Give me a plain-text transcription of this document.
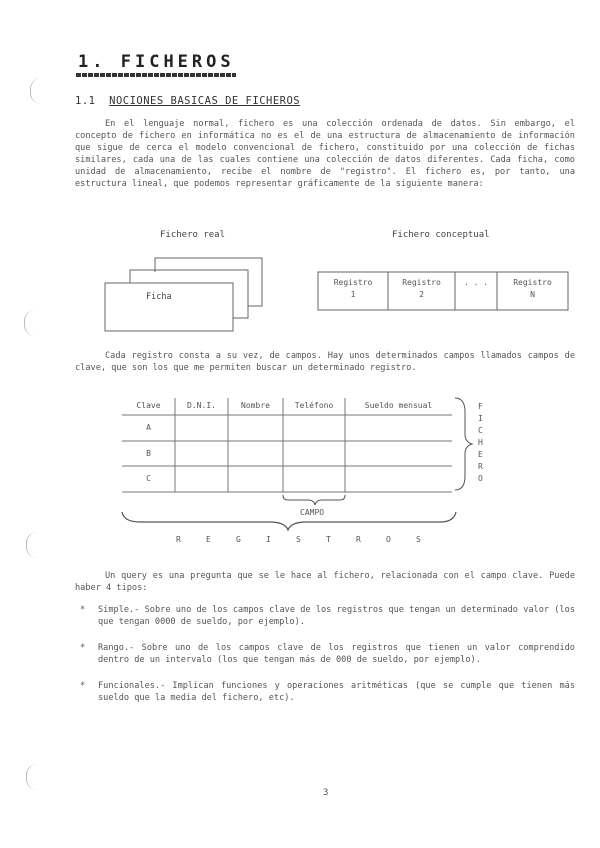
1. FICHEROS
1.1 NOCIONES BASICAS DE FICHEROS

En el lenguaje normal, fichero es una colección ordenada de datos. Sin embargo, el concepto de fichero en informática no es el de una estructura de almacenamiento de información que sigue de cerca el modelo convencional de fichero, constituido por una colección de fichas similares, cada una de las cuales contiene una colección de datos diferentes. Cada ficha, como unidad de almacenamiento, recibe el nombre de "registro". El fichero es, por tanto, una estructura lineal, que podemos representar gráficamente de la siguiente manera:

Fichero real	Fichero conceptual
Ficha
Registro
1
Registro
2
. . .	Registro
N

Cada registro consta a su vez, de campos. Hay unos determinados campos llamados campos de clave, que son los que me permiten buscar un determinado registro.

Clave	D.N.I.	Nombre	Teléfono	Sueldo mensual
A
B
C
F
I
C
H
E
R
O
CAMPO
R	E	G	I	S	T	R	O	S

Un query es una pregunta que se le hace al fichero, relacionada con el campo clave. Puede haber 4 tipos:

* Simple.- Sobre uno de los campos clave de los registros que tengan un determinado valor (los que tengan 0000 de sueldo, por ejemplo).
* Rango.- Sobre uno de los campos clave de los registros que tienen un valor comprendido dentro de un intervalo (los que tengan más de 000 de sueldo, por ejemplo).
* Funcionales.- Implican funciones y operaciones aritméticas (que se cumple que tienen más sueldo que la media del fichero, etc).
3
